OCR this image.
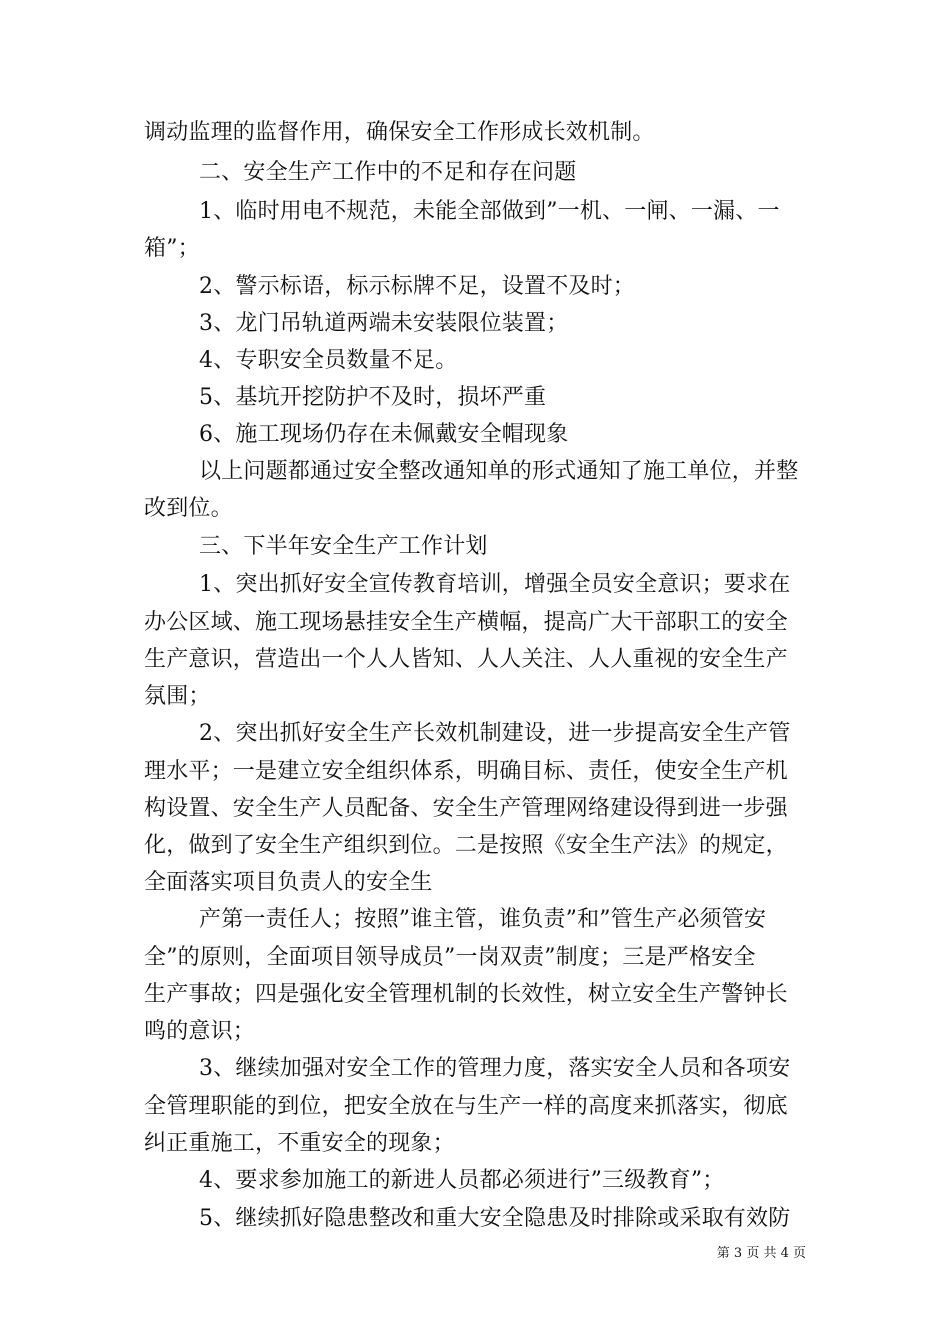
调动监理的监督作用，确保安全工作形成长效机制。
二、安全生产工作中的不足和存在问题
1、临时用电不规范，未能全部做到”一机、一闸、一漏、一
箱”；
2、警示标语，标示标牌不足，设置不及时；
3、龙门吊轨道两端未安装限位装置；
4、专职安全员数量不足。
5、基坑开挖防护不及时，损坏严重
6、施工现场仍存在未佩戴安全帽现象
以上问题都通过安全整改通知单的形式通知了施工单位，并整
改到位。
三、下半年安全生产工作计划
1、突出抓好安全宣传教育培训，增强全员安全意识；要求在
办公区域、施工现场悬挂安全生产横幅，提高广大干部职工的安全
生产意识，营造出一个人人皆知、人人关注、人人重视的安全生产
氛围；
2、突出抓好安全生产长效机制建设，进一步提高安全生产管
理水平；一是建立安全组织体系，明确目标、责任，使安全生产机
构设置、安全生产人员配备、安全生产管理网络建设得到进一步强
化，做到了安全生产组织到位。二是按照《安全生产法》的规定，
全面落实项目负责人的安全生
产第一责任人；按照”谁主管，谁负责”和”管生产必须管安
全”的原则，全面项目领导成员”一岗双责”制度；三是严格安全
生产事故；四是强化安全管理机制的长效性，树立安全生产警钟长
鸣的意识；
3、继续加强对安全工作的管理力度，落实安全人员和各项安
全管理职能的到位，把安全放在与生产一样的高度来抓落实，彻底
纠正重施工，不重安全的现象；
4、要求参加施工的新进人员都必须进行”三级教育”；
5、继续抓好隐患整改和重大安全隐患及时排除或采取有效防
第 3 页 共 4 页
